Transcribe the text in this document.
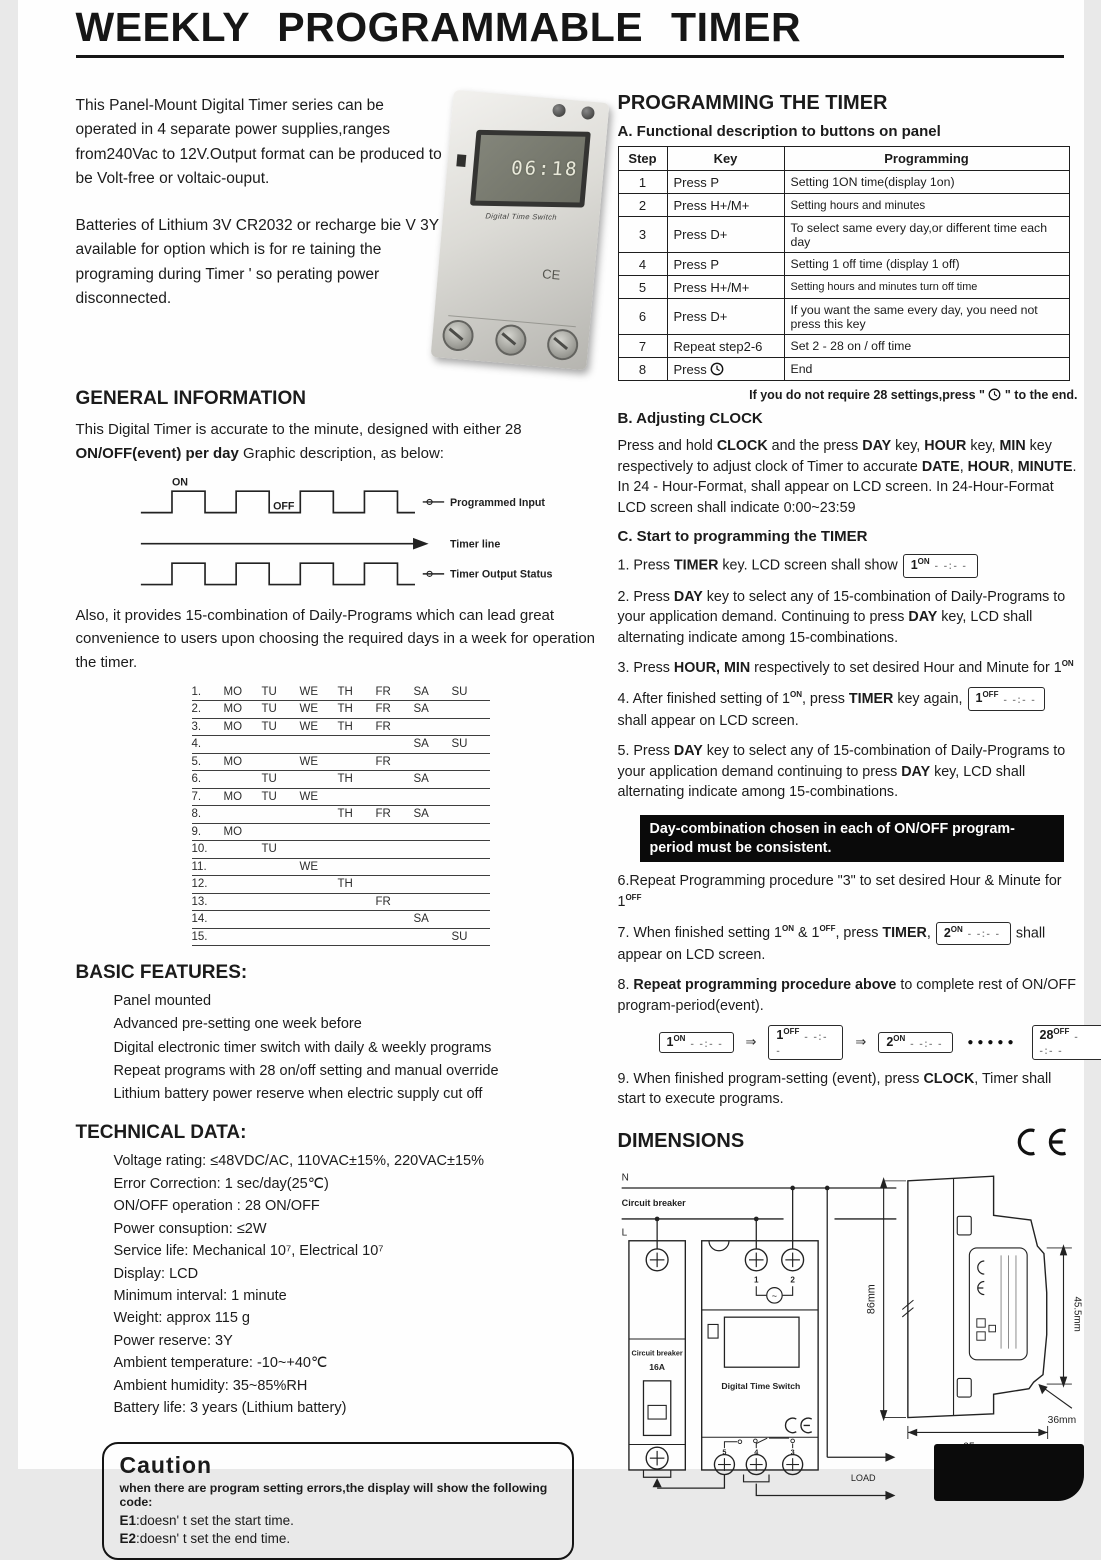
WEEKLY PROGRAMMABLE TIMER

This Panel-Mount Digital Timer series can be operated in 4 separate power supplies,ranges from240Vac to 12V.Output format can be produced to be Volt-free or voltaic-ouput.

Batteries of Lithium 3V CR2032 or recharge bie V 3Y available for option which is for re taining the programing during Timer ' so perating power disconnected.

06:18
Digital Time Switch
CE
GENERAL INFORMATION

This Digital Timer is accurate to the minute, designed with either 28 ON/OFF(event) per day Graphic description, as below:

ON
OFF	Programmed Input
Timer line
Timer Output Status

Also, it provides 15-combination of Daily-Programs which can lead great convenience to users upon choosing the required days in a week for operation the timer.

1.	MO	TU	WE	TH	FR	SA	SU
2.	MO	TU	WE	TH	FR	SA
3.	MO	TU	WE	TH	FR
4.	SA	SU
5.	MO	WE	FR
6.	TU	TH	SA
7.	MO	TU	WE
8.	TH	FR	SA
9.	MO
10.	TU
11.	WE
12.	TH
13.	FR
14.	SA
15.	SU
BASIC FEATURES:
Panel mounted
Advanced pre-setting one week before
Digital electronic timer switch with daily & weekly programs
Repeat programs with 28 on/off setting and manual override
Lithium battery power reserve when electric supply cut off
TECHNICAL DATA:
Voltage rating: ≤48VDC/AC, 110VAC±15%, 220VAC±15%
Error Correction: 1 sec/day(25℃)
ON/OFF operation : 28 ON/OFF
Power consuption: ≤2W
Service life: Mechanical 10⁷, Electrical 10⁷
Display: LCD
Minimum interval: 1 minute
Weight: approx 115 g
Power reserve: 3Y
Ambient temperature: -10~+40℃
Ambient humidity: 35~85%RH
Battery life: 3 years (Lithium battery)
Caution
when there are program setting errors,the display will show the following code:
E1:doesn' t set the start time.
E2:doesn' t set the end time.
PROGRAMMING THE TIMER
A. Functional description to buttons on panel
Step	Key	Programming
1	Press P	Setting 1ON time(display 1on)
2	Press H+/M+	Setting hours and minutes
3	Press D+	To select same every day,or different time each day
4	Press P	Setting 1 off time (display 1 off)
5	Press H+/M+	Setting hours and minutes turn off time
6	Press D+	If you want the same every day, you need not press this key
7	Repeat step2-6	Set 2 - 28 on / off time
8	Press	End
If you do not require 28 settings,press "  " to the end.
B. Adjusting CLOCK

Press and hold CLOCK and the press DAY key, HOUR key, MIN key respectively to adjust clock of Timer to accurate DATE, HOUR, MINUTE. In 24 - Hour-Format, shall appear on LCD screen. In 24-Hour-Format LCD screen shall indicate 0:00~23:59

C. Start to programming the TIMER

1. Press TIMER key. LCD screen shall show $1^{ON}$ - -:- -

2. Press DAY key to select any of 15-combination of Daily-Programs to your application demand. Continuing to press DAY key, LCD shall alternating indicate among 15-combinations.

3. Press HOUR, MIN respectively to set desired Hour and Minute for $1^{ON}$

4. After finished setting of $1^{ON}$, press TIMER key again, $1^{OFF}$ - -:- -
shall appear on LCD screen.

5. Press DAY key to select any of 15-combination of Daily-Programs to your application demand continuing to press DAY key, LCD shall alternating indicate among 15-combinations.

Day-combination chosen in each of ON/OFF program-period must be consistent.

6.Repeat Programming procedure "3" to set desired Hour & Minute for $1^{OFF}$

7. When finished setting $1^{ON}$ & $1^{OFF}$, press TIMER, $2^{ON}$ - -:- - shall appear on LCD screen.

8. Repeat programming procedure above to complete rest of ON/OFF program-period(event).

$1^{ON}$ - -:- -	⇒	$1^{OFF}$ - -:- -
⇒	$2^{ON}$ - -:- -	●●●●●	$28^{OFF}$ - -:- -

9. When finished program-setting (event), press CLOCK, Timer shall start to execute programs.

DIMENSIONS
N
Circuit breaker
L
Circuit breaker
16A
1	2
~
Digital Time Switch
5	4	3
LOAD
86mm	45.5mm
36mm
